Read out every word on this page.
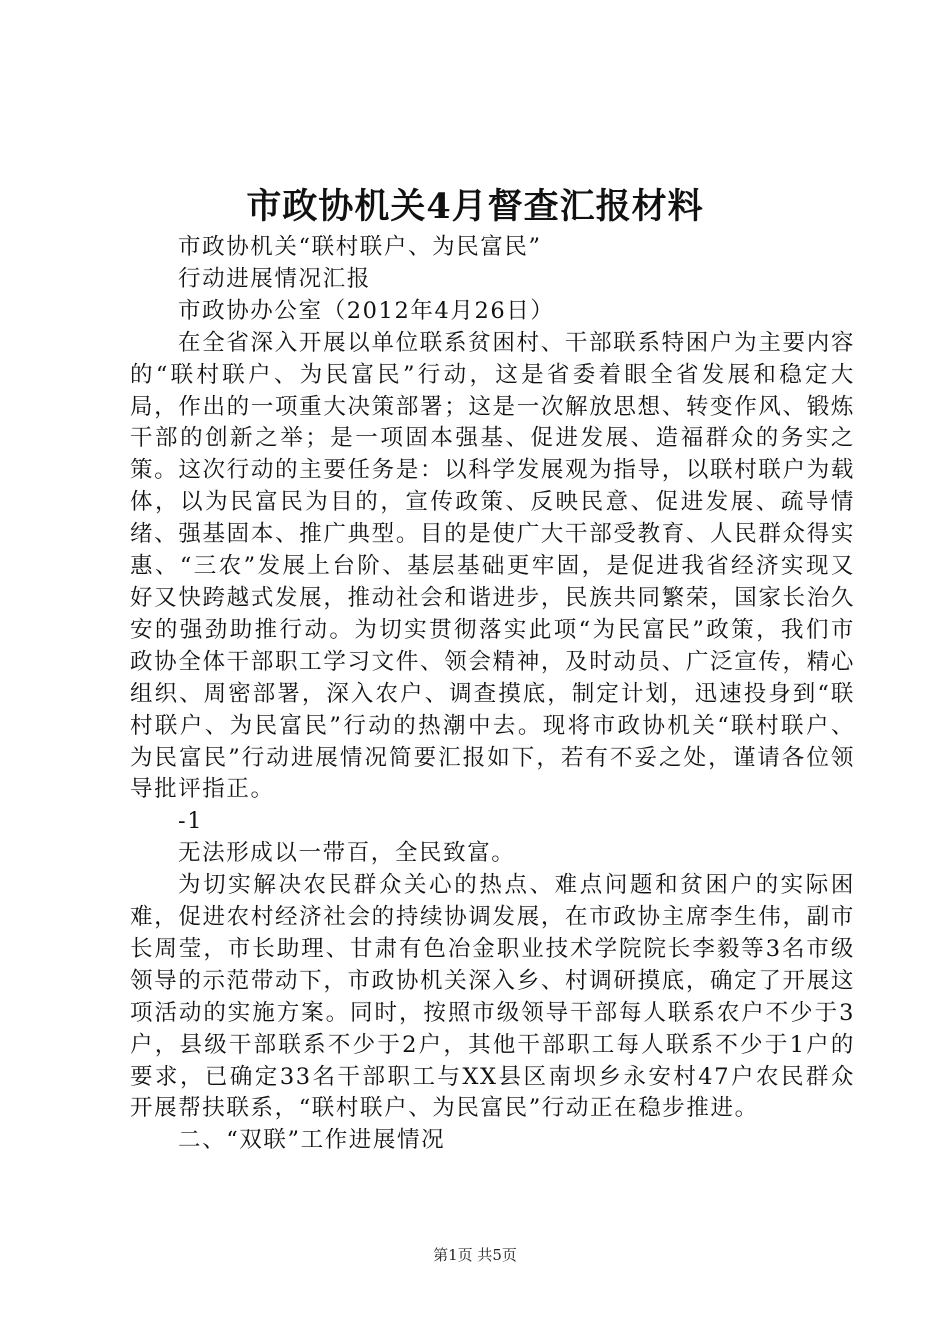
市政协机关4月督查汇报材料

市政协机关“联村联户、为民富民”

行动进展情况汇报

市政协办公室（2012年4月26日）

在全省深入开展以单位联系贫困村、干部联系特困户为主要内容的“联村联户、为民富民”行动，这是省委着眼全省发展和稳定大局，作出的一项重大决策部署；这是一次解放思想、转变作风、锻炼干部的创新之举；是一项固本强基、促进发展、造福群众的务实之策。这次行动的主要任务是：以科学发展观为指导，以联村联户为载体，以为民富民为目的，宣传政策、反映民意、促进发展、疏导情绪、强基固本、推广典型。目的是使广大干部受教育、人民群众得实惠、“三农”发展上台阶、基层基础更牢固，是促进我省经济实现又好又快跨越式发展，推动社会和谐进步，民族共同繁荣，国家长治久安的强劲助推行动。为切实贯彻落实此项“为民富民”政策，我们市政协全体干部职工学习文件、领会精神，及时动员、广泛宣传，精心组织、周密部署，深入农户、调查摸底，制定计划，迅速投身到“联村联户、为民富民”行动的热潮中去。现将市政协机关“联村联户、为民富民”行动进展情况简要汇报如下，若有不妥之处，谨请各位领导批评指正。

-1

无法形成以一带百，全民致富。

为切实解决农民群众关心的热点、难点问题和贫困户的实际困难，促进农村经济社会的持续协调发展，在市政协主席李生伟，副市长周莹，市长助理、甘肃有色冶金职业技术学院院长李毅等3名市级领导的示范带动下，市政协机关深入乡、村调研摸底，确定了开展这项活动的实施方案。同时，按照市级领导干部每人联系农户不少于3户，县级干部联系不少于2户，其他干部职工每人联系不少于1户的要求，已确定33名干部职工与XX县区南坝乡永安村47户农民群众开展帮扶联系，“联村联户、为民富民”行动正在稳步推进。

二、“双联”工作进展情况

第1页 共5页
